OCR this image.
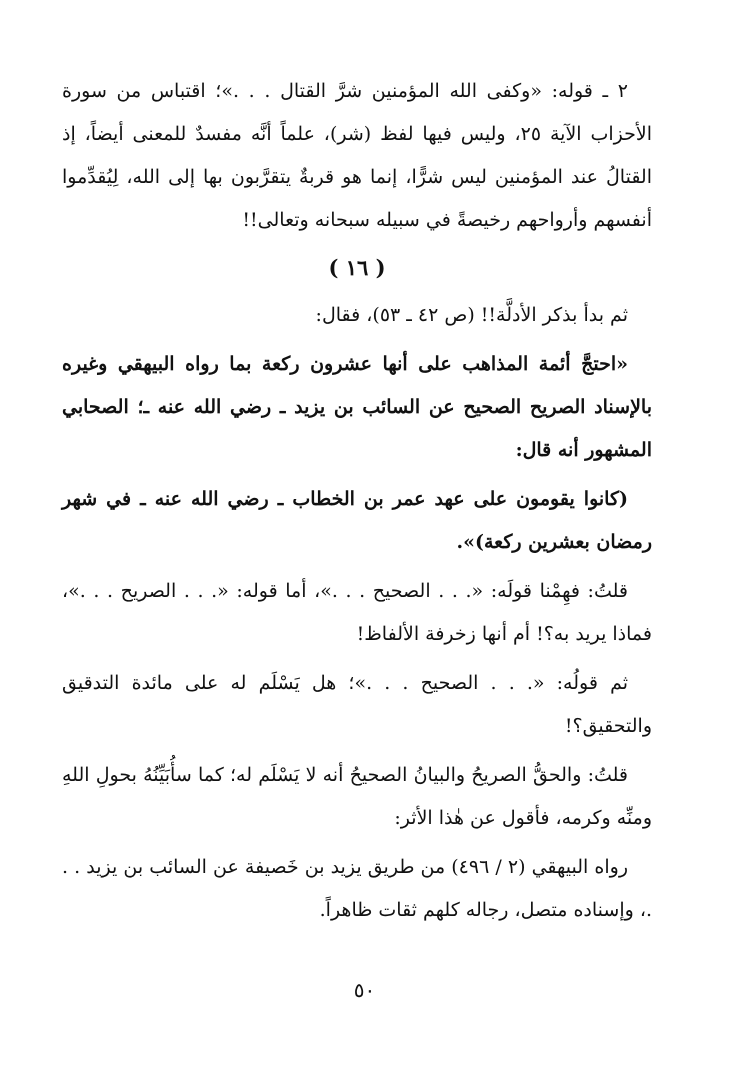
٢ ـ قوله: «وكفى الله المؤمنين شرَّ القتال . . .»؛ اقتباس من سورة الأحزاب الآية ٢٥، وليس فيها لفظ (شر)، علماً أنَّه مفسدٌ للمعنى أيضاً، إذ القتالُ عند المؤمنين ليس شرًّا، إنما هو قربةٌ يتقرَّبون بها إلى الله، لِيُقدِّموا أنفسهم وأرواحهم رخيصةً في سبيله سبحانه وتعالى!!

( ١٦ )

ثم بدأ بذكر الأدلَّة!! (ص ٤٢ ـ ٥٣)، فقال:

«احتجَّ أئمة المذاهب على أنها عشرون ركعة بما رواه البيهقي وغيره بالإسناد الصريح الصحيح عن السائب بن يزيد ـ رضي الله عنه ـ؛ الصحابي المشهور أنه قال:

(كانوا يقومون على عهد عمر بن الخطاب ـ رضي الله عنه ـ في شهر رمضان بعشرين ركعة)».

قلتُ: فهِمْنا قولَه: «. . . الصحيح . . .»، أما قوله: «. . . الصريح . . .»، فماذا يريد به؟! أم أنها زخرفة الألفاظ!

ثم قولُه: «. . . الصحيح . . .»؛ هل يَسْلَم له على مائدة التدقيق والتحقيق؟!

قلتُ: والحقُّ الصريحُ والبيانُ الصحيحُ أنه لا يَسْلَم له؛ كما سأُبَيِّنُهُ بحولِ اللهِ ومنِّه وكرمه، فأقول عن هٰذا الأثر:

رواه البيهقي (٢ / ٤٩٦) من طريق يزيد بن خَصيفة عن السائب بن يزيد . . .، وإسناده متصل، رجاله كلهم ثقات ظاهراً.

٥٠
